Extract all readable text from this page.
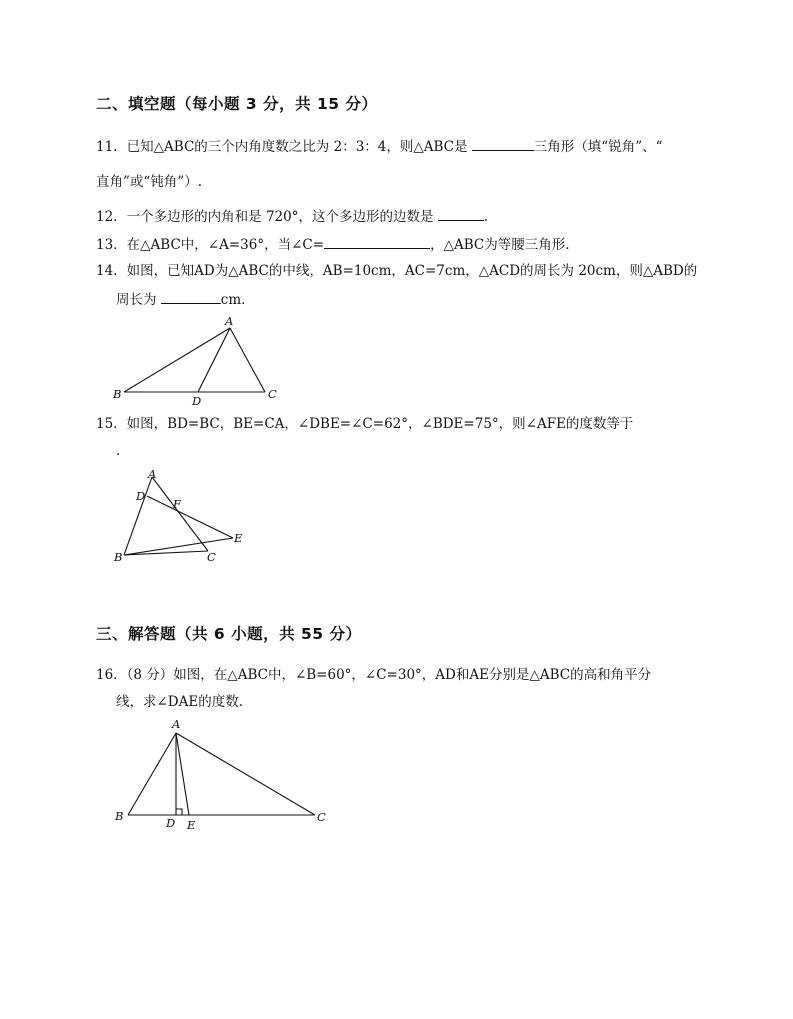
二、填空题（每小题 3 分，共 15 分）
11．已知△ABC的三个内角度数之比为 2：3：4，则△ABC是	三角形（填“锐角”、“
直角”或“钝角”）.
12．一个多边形的内角和是 720°，这个多边形的边数是	.
13．在△ABC中，∠A=36°，当∠C=	，△ABC为等腰三角形.
14．如图，已知AD为△ABC的中线，AB=10cm，AC=7cm，△ACD的周长为 20cm，则△ABD的
周长为	cm.
A
B	C
D
15．如图，BD=BC，BE=CA，∠DBE=∠C=62°，∠BDE=75°，则∠AFE的度数等于
.
A
D
F
E
B	C
三、解答题（共 6 小题，共 55 分）
16．（8 分）如图，在△ABC中，∠B=60°，∠C=30°，AD和AE分别是△ABC的高和角平分
线，求∠DAE的度数.
A
B	C
D E
